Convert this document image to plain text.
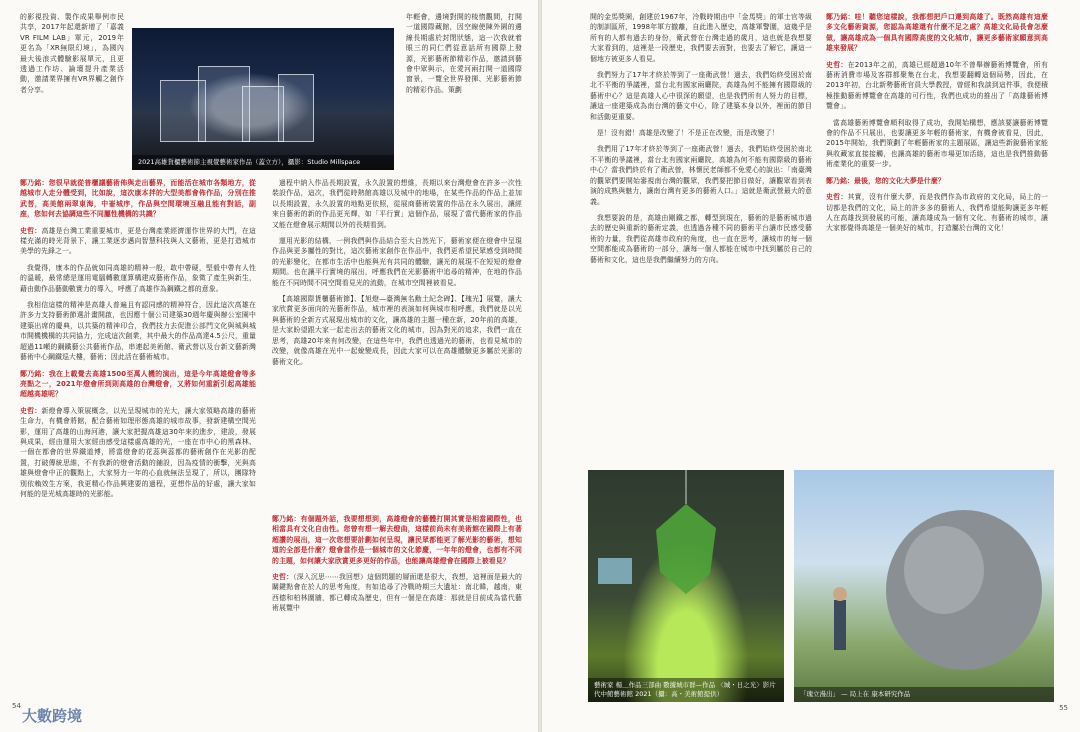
的影視投資、製作成果舉例市民共享，2017年起還新增了「嘉義VR FILM LAB」單元，2019年更名為「XR無限幻境」，為國內最大後浪式體驗影展單元，且更透過工作坊、論壇提升產業活動，邀請業界擁有VR界觸之創作者分享。

2021高雄貨櫃藝術節主視覺藝術家作品（蓋立方），攝影：Studio Millspace

年輕會，邊境對開的棱惰觀間，打開一道國際藏館，因空線使陳外園的邊線長期處於封閉狀態，這一次我就着眼三的同仁們從意話所有國際上發源，光影藝術節精彩作品，邀請到藝會中眾與示，在愛河兩打開一道國際窗景，一覽全世界發揮、光影藝術節的精彩作品。策劃

鄭乃銘：您很早就從普櫃議藝術佈與走出藝界，而能活在城市各類地方，從越城市人走分體受到，比如說，這次康本拌的大型美都會佈作品，分別在推武菩，高美館兩翠東海，中崙城序，作品與空間環境互融且能有對話，副座，您如何去協調這些不同屬性機構的共識？

史哲：高雄是台灣工業重要城市，更是台灣產業經濟運作世界的大門，在這樣充滿的時光背景下，讓工業逐步邁向智慧科技與人文藝術，更是打造城市美學的先鋒之一。

我覺得，康本的作品就如同高雄的精神一般，敢中帶硬，堅毅中帶有人性的溫暖，最常總是運用電腦轉數運算構建成藝術作品，象徵了產生與新生，藉由動作品藝動數實力的導入，呼應了高雄作為鋼鐵之都的意象。

我相信這樣的精神是高雄人普遍且有認同感的精神符合，因此這次高雄在許多力支持藝術節選計畫開啟，也因應十個公司建築30週年慶與辦公室園中建築出席的慶典，以共築的精神印合，我們技力去促進公部門文化與城與城市開機機構的共同協力，完成這次創業，其中最大的作品高達4.5公尺，重量超過11噸的鋼鐵藝公共藝術作品，串連起美術館、衛武營以及台新文藝新灣藝術中心鋼鐵巡大樓，藝術；因此活在藝術城市。

鄭乃銘：我在上載覺去高雄1500至萬人機的演出，這是今年高雄燈會等多亮點之一，2021年燈會所到則高雄的台灣燈會，又將如何重新引起高雄能超越高雄呢？

史哲：新燈會導入策展概念，以光呈現城市的光大，讓大家領略高雄的藝術生命力，有機會將館，配合藝術如理形態高雄的城市故事，發新建構空間光影，運用了高雄的山海河港，讓大家把握高雄這30年來的進步，建設，發展與成果，經由運用大家經由感受這樣處高雄的光，一座在市中心的黑森林、一個在都會的世界鐵道博，將當燈會的花蕊與蕊都的藝術創作在光影的配置，打破傳統思維，不有我新的燈會活動的鋪設，因為疫情的衝擊，光與高雄與燈會中正的觀點上，大家努力一年的心血就無法呈現了，所以，團隊特別依賴效生方案，我更精心作品興建要的過程，更想作品的好處，讓大家如何能的是光城高雄時的光影能。

過程中納入作品長期設置，永久設置的想維，長期以來台灣燈會在許多一次性裝設作品，這次，我們從時熱館高雄以及城中的地場，在某些作品的作品上並加以長期設置，永久設置的地點更依照，從展商藝術裝置的作品在永久展出，讓經來自藝術的新的作品更光輝，如「平行實」這個作品，展現了當代藝術家的作品又能在燈會展示期間以外的長期看到。

運用光影的結構，一例我們與作品結合至大自然光下，藝術家便在燈會中呈現作品與更多屬性的對比，這次藝術家創作在作品中，我們更希望民眾感受到時間的光影變化，在都市生活中也能與光有共同的體驗，讓光的展現不在短短的燈會期間。也在讓平行實境的展出，呼應我們在光影藝術中追尋的精神，在地的作品能在不同時間不同空間看見光的流動，在城市空間裡被看見。

【高雄國際貨櫃藝術節】、【旭燈—臺灣無名勳土紀念碑】、【瑰光】展覽，讓大家欣賞更多面向的光藝術作品，城市裡的表演如何與城市相呼應，我們就是以光與藝術的全新方式展現出城市的文化，讓高雄的主題一種在新，20年前的高雄，是大家盼望跟大家一起走出去的藝術文化的城市，因為對光的追求，我們一直在思考，高雄20年來有何改變，在這些年中，我們也透過光的藝術，也看見城市的改變，就像高雄在光中一起蛻變成長，因此大家可以在高雄體驗更多屬於光影的藝術文化。

鄭乃銘：有個題外話，我要想想到，高雄燈會的藝體打開其實是相當國際性，也相當具有文化自由性。您曾有想一解去燈曲，這樣前尚未有美術館在國際上有著超讚的展出，這一次您想要計劃如何呈現，讓民眾都能更了解光影的藝術，想知道的全部是什麼？燈會當作是一個城市的文化節慶，一年年的燈會，也都有不同的主題，如何讓大家欣賞更多更好的作品，也能讓高雄燈會在國際上被看見？

史哲：（深入沉思⋯⋯我回想）這個問題的層面還是很大，我想，這裡面是最大的關鍵點會在於人的思考角度，有如追尋了冷戰時期三大遺址：南北韓，越南，東西德和柏林圍牆，都已轉成為歷史，但有一個是在高雄：那就是目前成為當代藝術展覽中

大數跨境
54

開的金馬獎園，創建於1967年，冷戰時期由中「金馬獎」的軍士官等級的制訓區所，1998年軍方撤離，自此進入歷史，高雄軍警圍，這幾乎是所有的人都有過去的身份，衛武營在台灣走過的歲月，這也就是我想要大家看到的，這裡是一段歷史，我們要去面對，也要去了解它，讓這一個地方被更多人看見。

我們努力了17年才終於等到了一座衛武營！過去，我們始終受困於南北不平衡的爭議裡，當台北有國家兩廳院，高雄為何不能擁有國際級的藝術中心？這是高雄人心中很深的願望，也是我們所有人努力的目標，讓這一座建築成為南台灣的藝文中心，除了建築本身以外，裡面的節目和活動更重要。

是！沒有錯！高雄是改變了！不是正在改變，而是改變了！

我們用了17年才終於等到了一座衛武營！過去，我們始終受困於南北不平衡的爭議裡，當台北有國家兩廳院，高雄為何不能有國際級的藝術中心？當我們終於有了衛武營，林懷民老師都不免愛心的說出：「南臺灣的觀眾們要開始審視南台灣的觀眾，我們要把節目做好，讓觀眾看到表演的成熟與魅力，讓南台灣有更多的藝術人口。」這就是衛武營最大的意義。

我想要說的是，高雄由剛鐵之都，轉型到現在，藝術的是藝術城市過去的歷史與重新的藝術定義，也透過各種不同的藝術平台讓市民感受藝術的力量，我們從高雄市政府的角度，也一直在思考，讓城市的每一個空間都能成為藝術的一部分，讓每一個人都能在城市中找到屬於自己的藝術和文化，這也是我們繼續努力的方向。

鄭乃銘：哇！聽您這樣說，我都想把戶口遷到高雄了。既然高雄有這麼多文化藝術資源，您認為高雄還有什麼不足之處？高雄文化局長會怎麼做，讓高雄成為一個具有國際高度的文化城市，讓更多藝術家願意到高雄來發展？

史哲：在2013年之前，高雄已經超過10年不曾舉辦藝術博覽會，所有藝術消費市場及客群都聚集在台北，我想要翻轉這個局勢，因此，在2013年初，台北新勢藝術官員大學教授，曾經和我談到這件事，我便積極推動藝術博覽會在高雄的可行性，我們也成功的推出了「高雄藝術博覽會」。

當高雄藝術博覽會順利取得了成功，我開始構想，應該要讓藝術博覽會的作品不只展出，也要讓更多年輕的藝術家，有機會被看見，因此，2015年開始，我們策劃了年輕藝術家的主題展區，讓這些新銳藝術家能與收藏家直接接觸，也讓高雄的藝術市場更加活絡，這也是我們推動藝術產業化的重要一步。

鄭乃銘：最後，您的文化大夢是什麼？

史哲：其實，沒有什麼大夢，而是我們作為市政府的文化局，局上的一切都是我們的文化，局上的許多多的藝術人，我們希望能夠讓更多年輕人在高雄找到發展的可能，讓高雄成為一個有文化、有藝術的城市，讓大家都覺得高雄是一個美好的城市，打造屬於台灣的文化！

藝術家 楊＿作品三部曲 數據城市群—作品 〈城・日之光〉影片 代中館藝術館 2021（攝：高・美術館提供）	「瑰立漫出」 — 局上在 康本研究作品
55
